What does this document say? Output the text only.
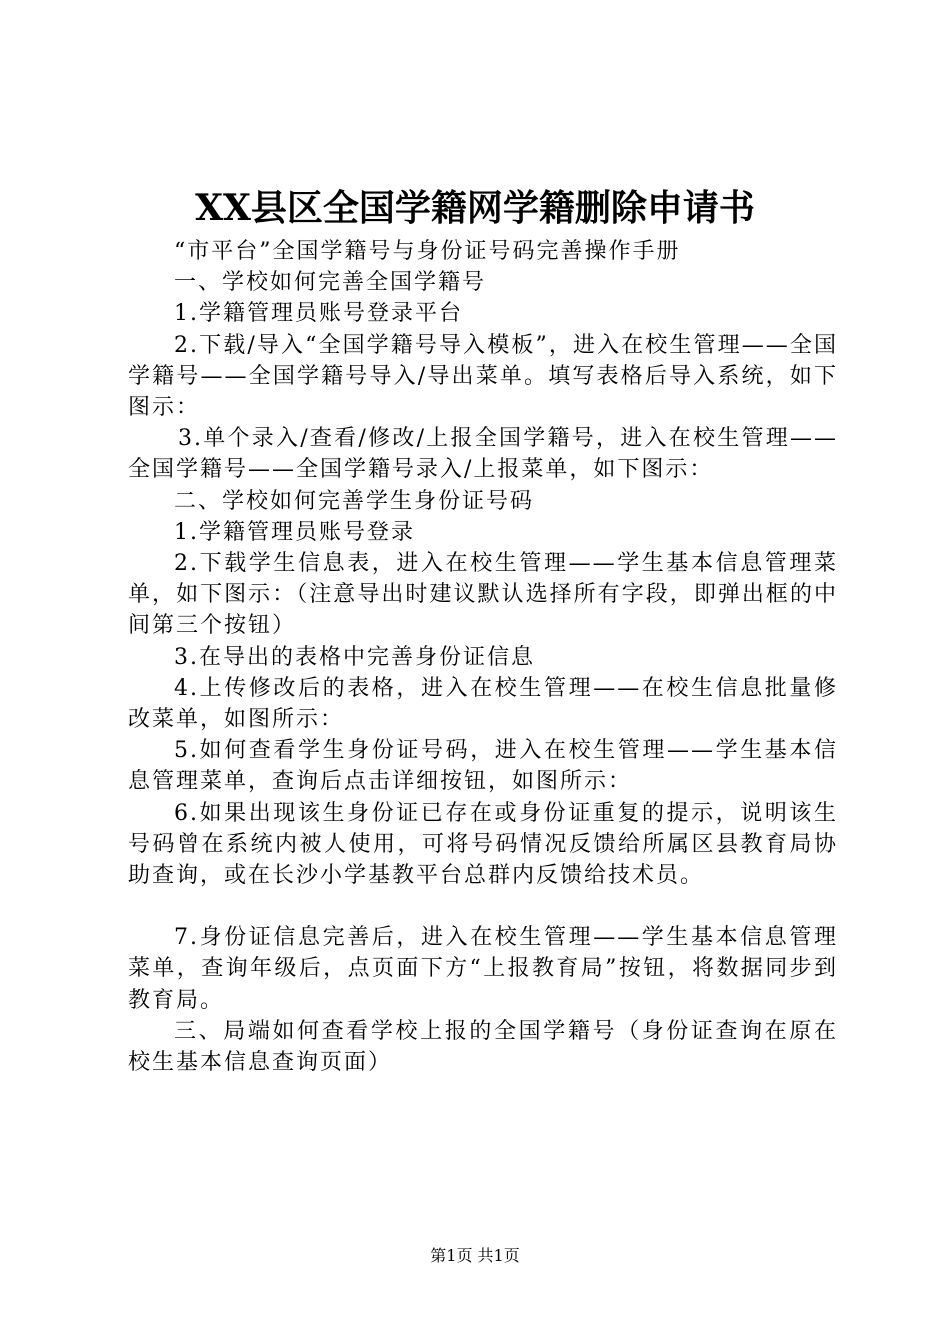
XX县区全国学籍网学籍删除申请书

“市平台”全国学籍号与身份证号码完善操作手册

一、学校如何完善全国学籍号

1.学籍管理员账号登录平台

2.下载/导入“全国学籍号导入模板”，进入在校生管理——全国学籍号——全国学籍号导入/导出菜单。填写表格后导入系统，如下图示：

3.单个录入/查看/修改/上报全国学籍号，进入在校生管理——全国学籍号——全国学籍号录入/上报菜单，如下图示：

二、学校如何完善学生身份证号码

1.学籍管理员账号登录

2.下载学生信息表，进入在校生管理——学生基本信息管理菜单，如下图示：（注意导出时建议默认选择所有字段，即弹出框的中间第三个按钮）

3.在导出的表格中完善身份证信息

4.上传修改后的表格，进入在校生管理——在校生信息批量修改菜单，如图所示：

5.如何查看学生身份证号码，进入在校生管理——学生基本信息管理菜单，查询后点击详细按钮，如图所示：

6.如果出现该生身份证已存在或身份证重复的提示，说明该生号码曾在系统内被人使用，可将号码情况反馈给所属区县教育局协助查询，或在长沙小学基教平台总群内反馈给技术员。

7.身份证信息完善后，进入在校生管理——学生基本信息管理菜单，查询年级后，点页面下方“上报教育局”按钮，将数据同步到教育局。

三、局端如何查看学校上报的全国学籍号（身份证查询在原在校生基本信息查询页面）

第1页 共1页
